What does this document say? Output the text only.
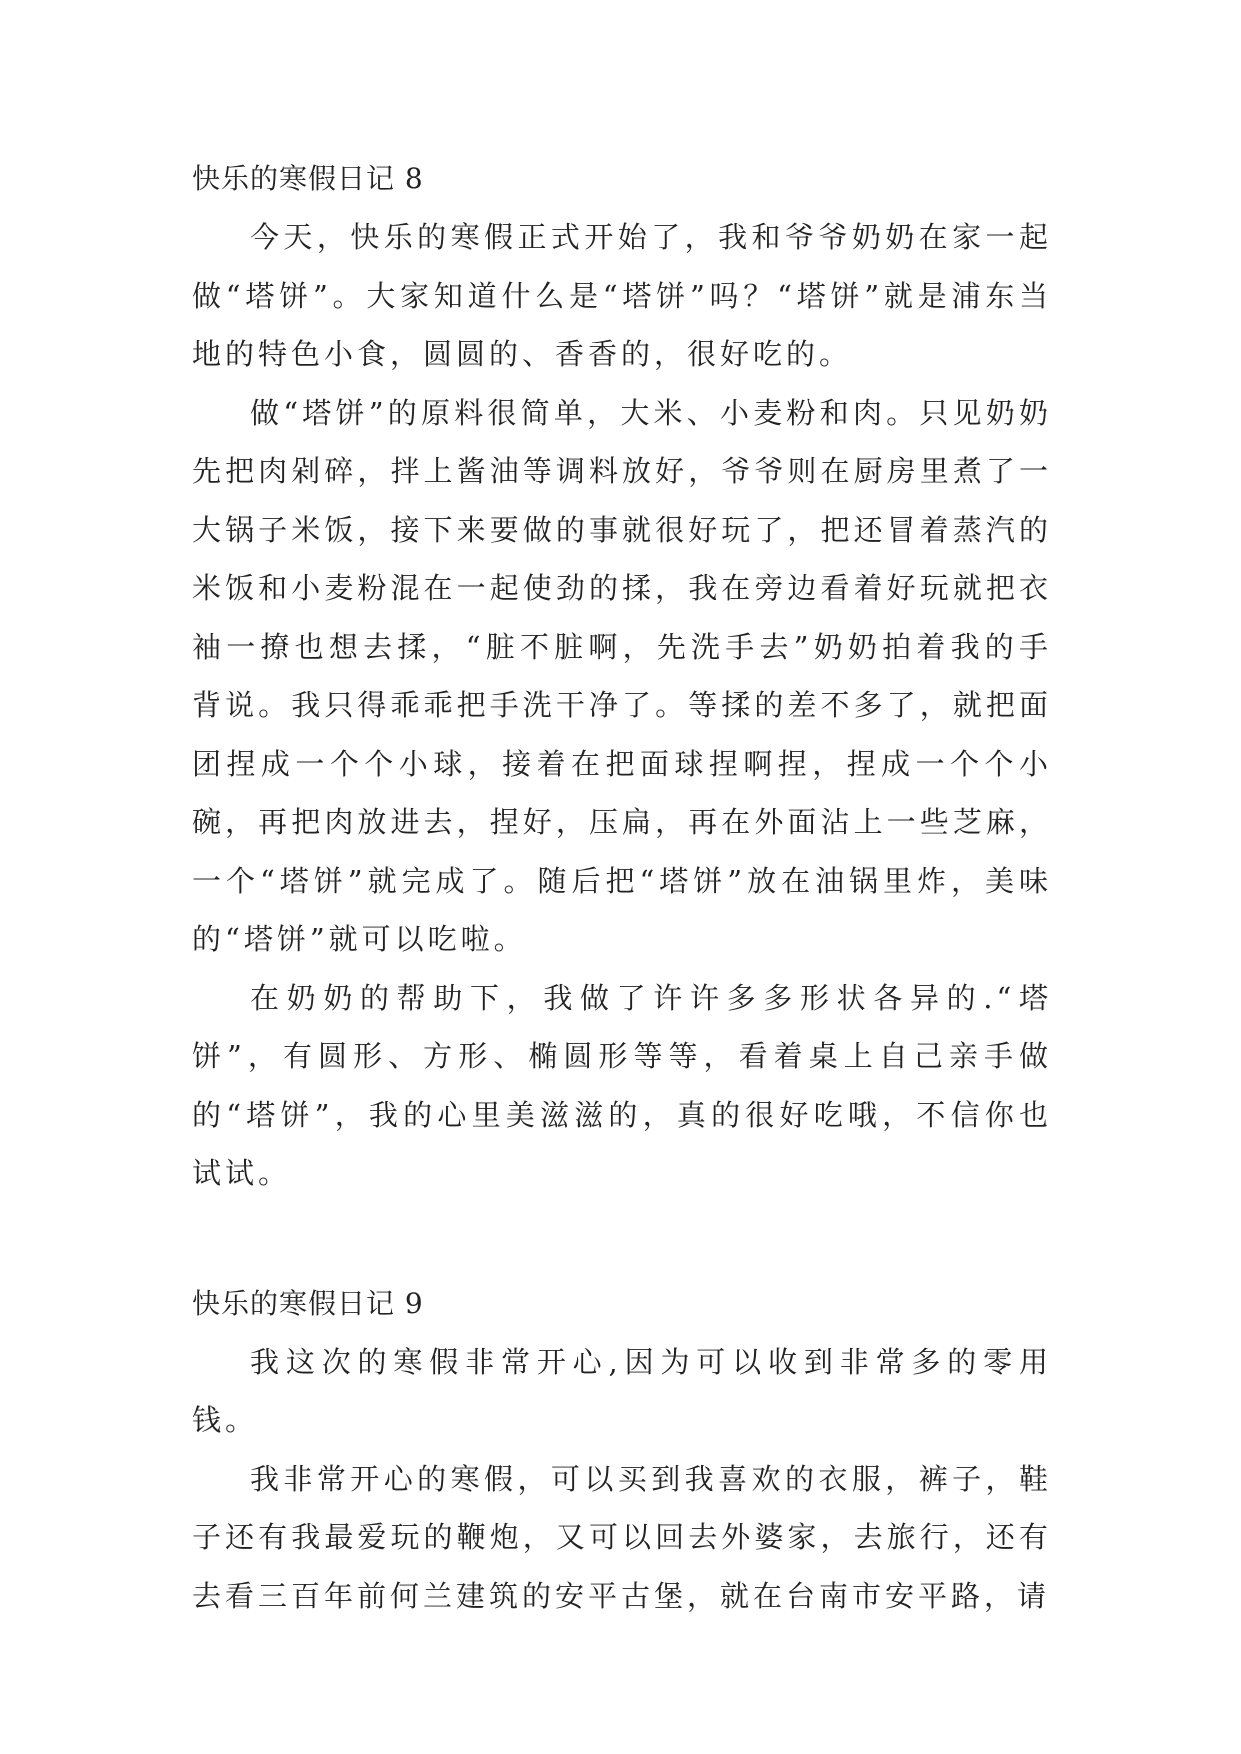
快乐的寒假日记 8

今天，快乐的寒假正式开始了，我和爷爷奶奶在家一起做“塔饼”。大家知道什么是“塔饼”吗？“塔饼”就是浦东当地的特色小食，圆圆的、香香的，很好吃的。

做“塔饼”的原料很简单，大米、小麦粉和肉。只见奶奶先把肉剁碎，拌上酱油等调料放好，爷爷则在厨房里煮了一大锅子米饭，接下来要做的事就很好玩了，把还冒着蒸汽的米饭和小麦粉混在一起使劲的揉，我在旁边看着好玩就把衣袖一撩也想去揉，“脏不脏啊，先洗手去”奶奶拍着我的手背说。我只得乖乖把手洗干净了。等揉的差不多了，就把面团捏成一个个小球，接着在把面球捏啊捏，捏成一个个小碗，再把肉放进去，捏好，压扁，再在外面沾上一些芝麻，一个“塔饼”就完成了。随后把“塔饼”放在油锅里炸，美味的“塔饼”就可以吃啦。

在奶奶的帮助下，我做了许许多多形状各异的.“塔饼”，有圆形、方形、椭圆形等等，看着桌上自己亲手做的“塔饼”，我的心里美滋滋的，真的很好吃哦，不信你也试试。

快乐的寒假日记 9

我这次的寒假非常开心,因为可以收到非常多的零用钱。

我非常开心的寒假，可以买到我喜欢的衣服，裤子，鞋子还有我最爱玩的鞭炮，又可以回去外婆家，去旅行，还有去看三百年前何兰建筑的安平古堡，就在台南市安平路，请
